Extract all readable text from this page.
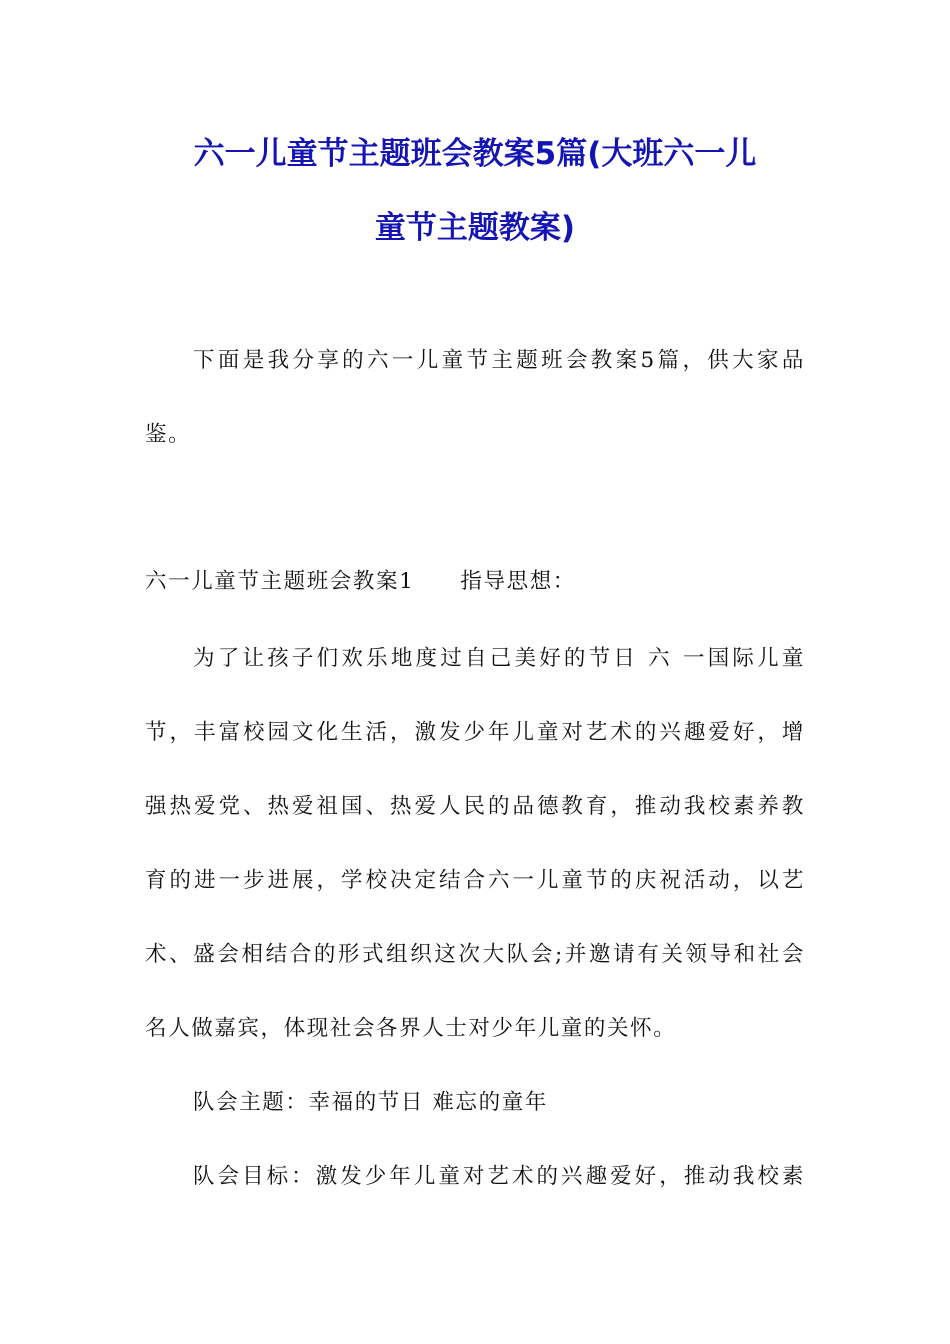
六一儿童节主题班会教案5篇(大班六一儿
童节主题教案)

下面是我分享的六一儿童节主题班会教案5篇，供大家品

鉴。

六一儿童节主题班会教案1 指导思想：

为了让孩子们欢乐地度过自己美好的节日 六 一国际儿童

节，丰富校园文化生活，激发少年儿童对艺术的兴趣爱好，增

强热爱党、热爱祖国、热爱人民的品德教育，推动我校素养教

育的进一步进展，学校决定结合六一儿童节的庆祝活动，以艺

术、盛会相结合的形式组织这次大队会;并邀请有关领导和社会

名人做嘉宾，体现社会各界人士对少年儿童的关怀。

队会主题：幸福的节日 难忘的童年

队会目标：激发少年儿童对艺术的兴趣爱好，推动我校素
